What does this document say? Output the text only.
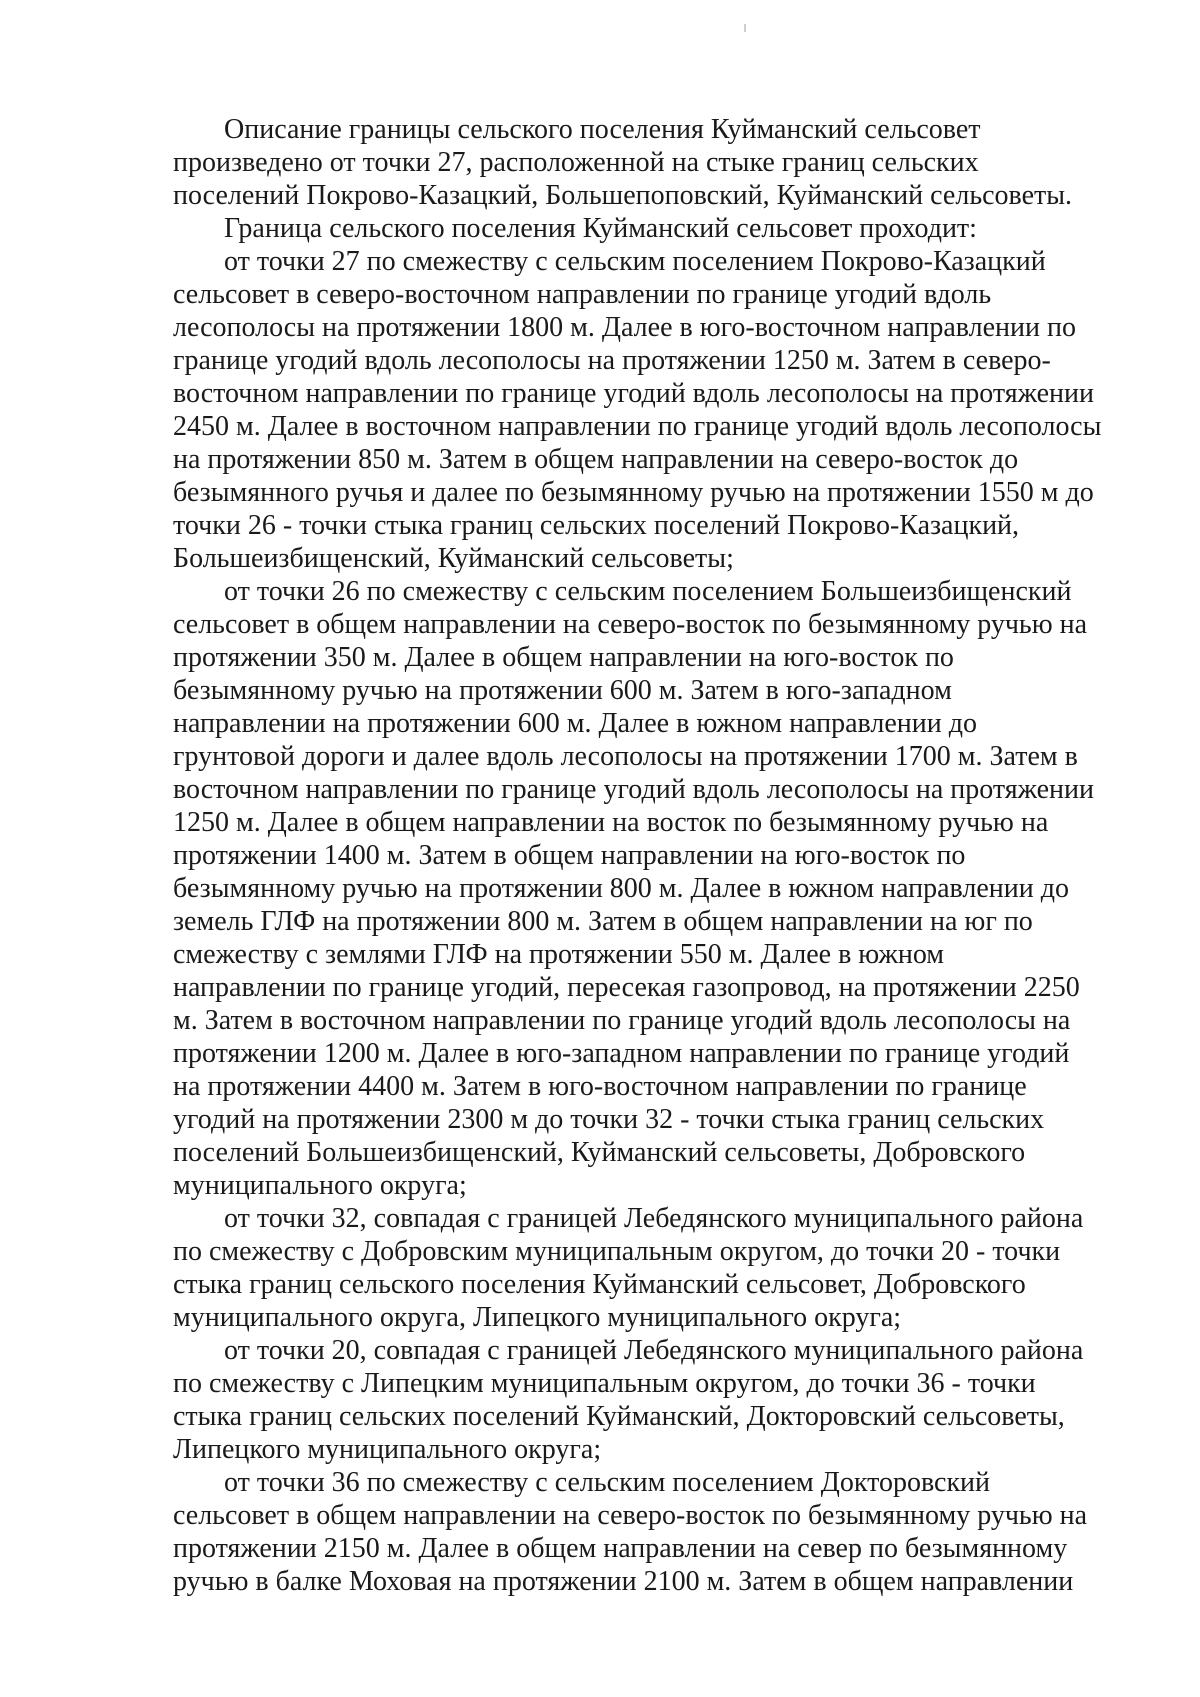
Описание границы сельского поселения Куйманский сельсовет
произведено от точки 27, расположенной на стыке границ сельских
поселений Покрово-Казацкий, Большепоповский, Куйманский сельсоветы.

Граница сельского поселения Куйманский сельсовет проходит:

от точки 27 по смежеству с сельским поселением Покрово-Казацкий
сельсовет в северо-восточном направлении по границе угодий вдоль
лесополосы на протяжении 1800 м. Далее в юго-восточном направлении по
границе угодий вдоль лесополосы на протяжении 1250 м. Затем в северо-
восточном направлении по границе угодий вдоль лесополосы на протяжении
2450 м. Далее в восточном направлении по границе угодий вдоль лесополосы
на протяжении 850 м. Затем в общем направлении на северо-восток до
безымянного ручья и далее по безымянному ручью на протяжении 1550 м до
точки 26 - точки стыка границ сельских поселений Покрово-Казацкий,
Большеизбищенский, Куйманский сельсоветы;

от точки 26 по смежеству с сельским поселением Большеизбищенский
сельсовет в общем направлении на северо-восток по безымянному ручью на
протяжении 350 м. Далее в общем направлении на юго-восток по
безымянному ручью на протяжении 600 м. Затем в юго-западном
направлении на протяжении 600 м. Далее в южном направлении до
грунтовой дороги и далее вдоль лесополосы на протяжении 1700 м. Затем в
восточном направлении по границе угодий вдоль лесополосы на протяжении
1250 м. Далее в общем направлении на восток по безымянному ручью на
протяжении 1400 м. Затем в общем направлении на юго-восток по
безымянному ручью на протяжении 800 м. Далее в южном направлении до
земель ГЛФ на протяжении 800 м. Затем в общем направлении на юг по
смежеству с землями ГЛФ на протяжении 550 м. Далее в южном
направлении по границе угодий, пересекая газопровод, на протяжении 2250
м. Затем в восточном направлении по границе угодий вдоль лесополосы на
протяжении 1200 м. Далее в юго-западном направлении по границе угодий
на протяжении 4400 м. Затем в юго-восточном направлении по границе
угодий на протяжении 2300 м до точки 32 - точки стыка границ сельских
поселений Большеизбищенский, Куйманский сельсоветы, Добровского
муниципального округа;

от точки 32, совпадая с границей Лебедянского муниципального района
по смежеству с Добровским муниципальным округом, до точки 20 - точки
стыка границ сельского поселения Куйманский сельсовет, Добровского
муниципального округа, Липецкого муниципального округа;

от точки 20, совпадая с границей Лебедянского муниципального района
по смежеству с Липецким муниципальным округом, до точки 36 - точки
стыка границ сельских поселений Куйманский, Докторовский сельсоветы,
Липецкого муниципального округа;

от точки 36 по смежеству с сельским поселением Докторовский
сельсовет в общем направлении на северо-восток по безымянному ручью на
протяжении 2150 м. Далее в общем направлении на север по безымянному
ручью в балке Моховая на протяжении 2100 м. Затем в общем направлении
